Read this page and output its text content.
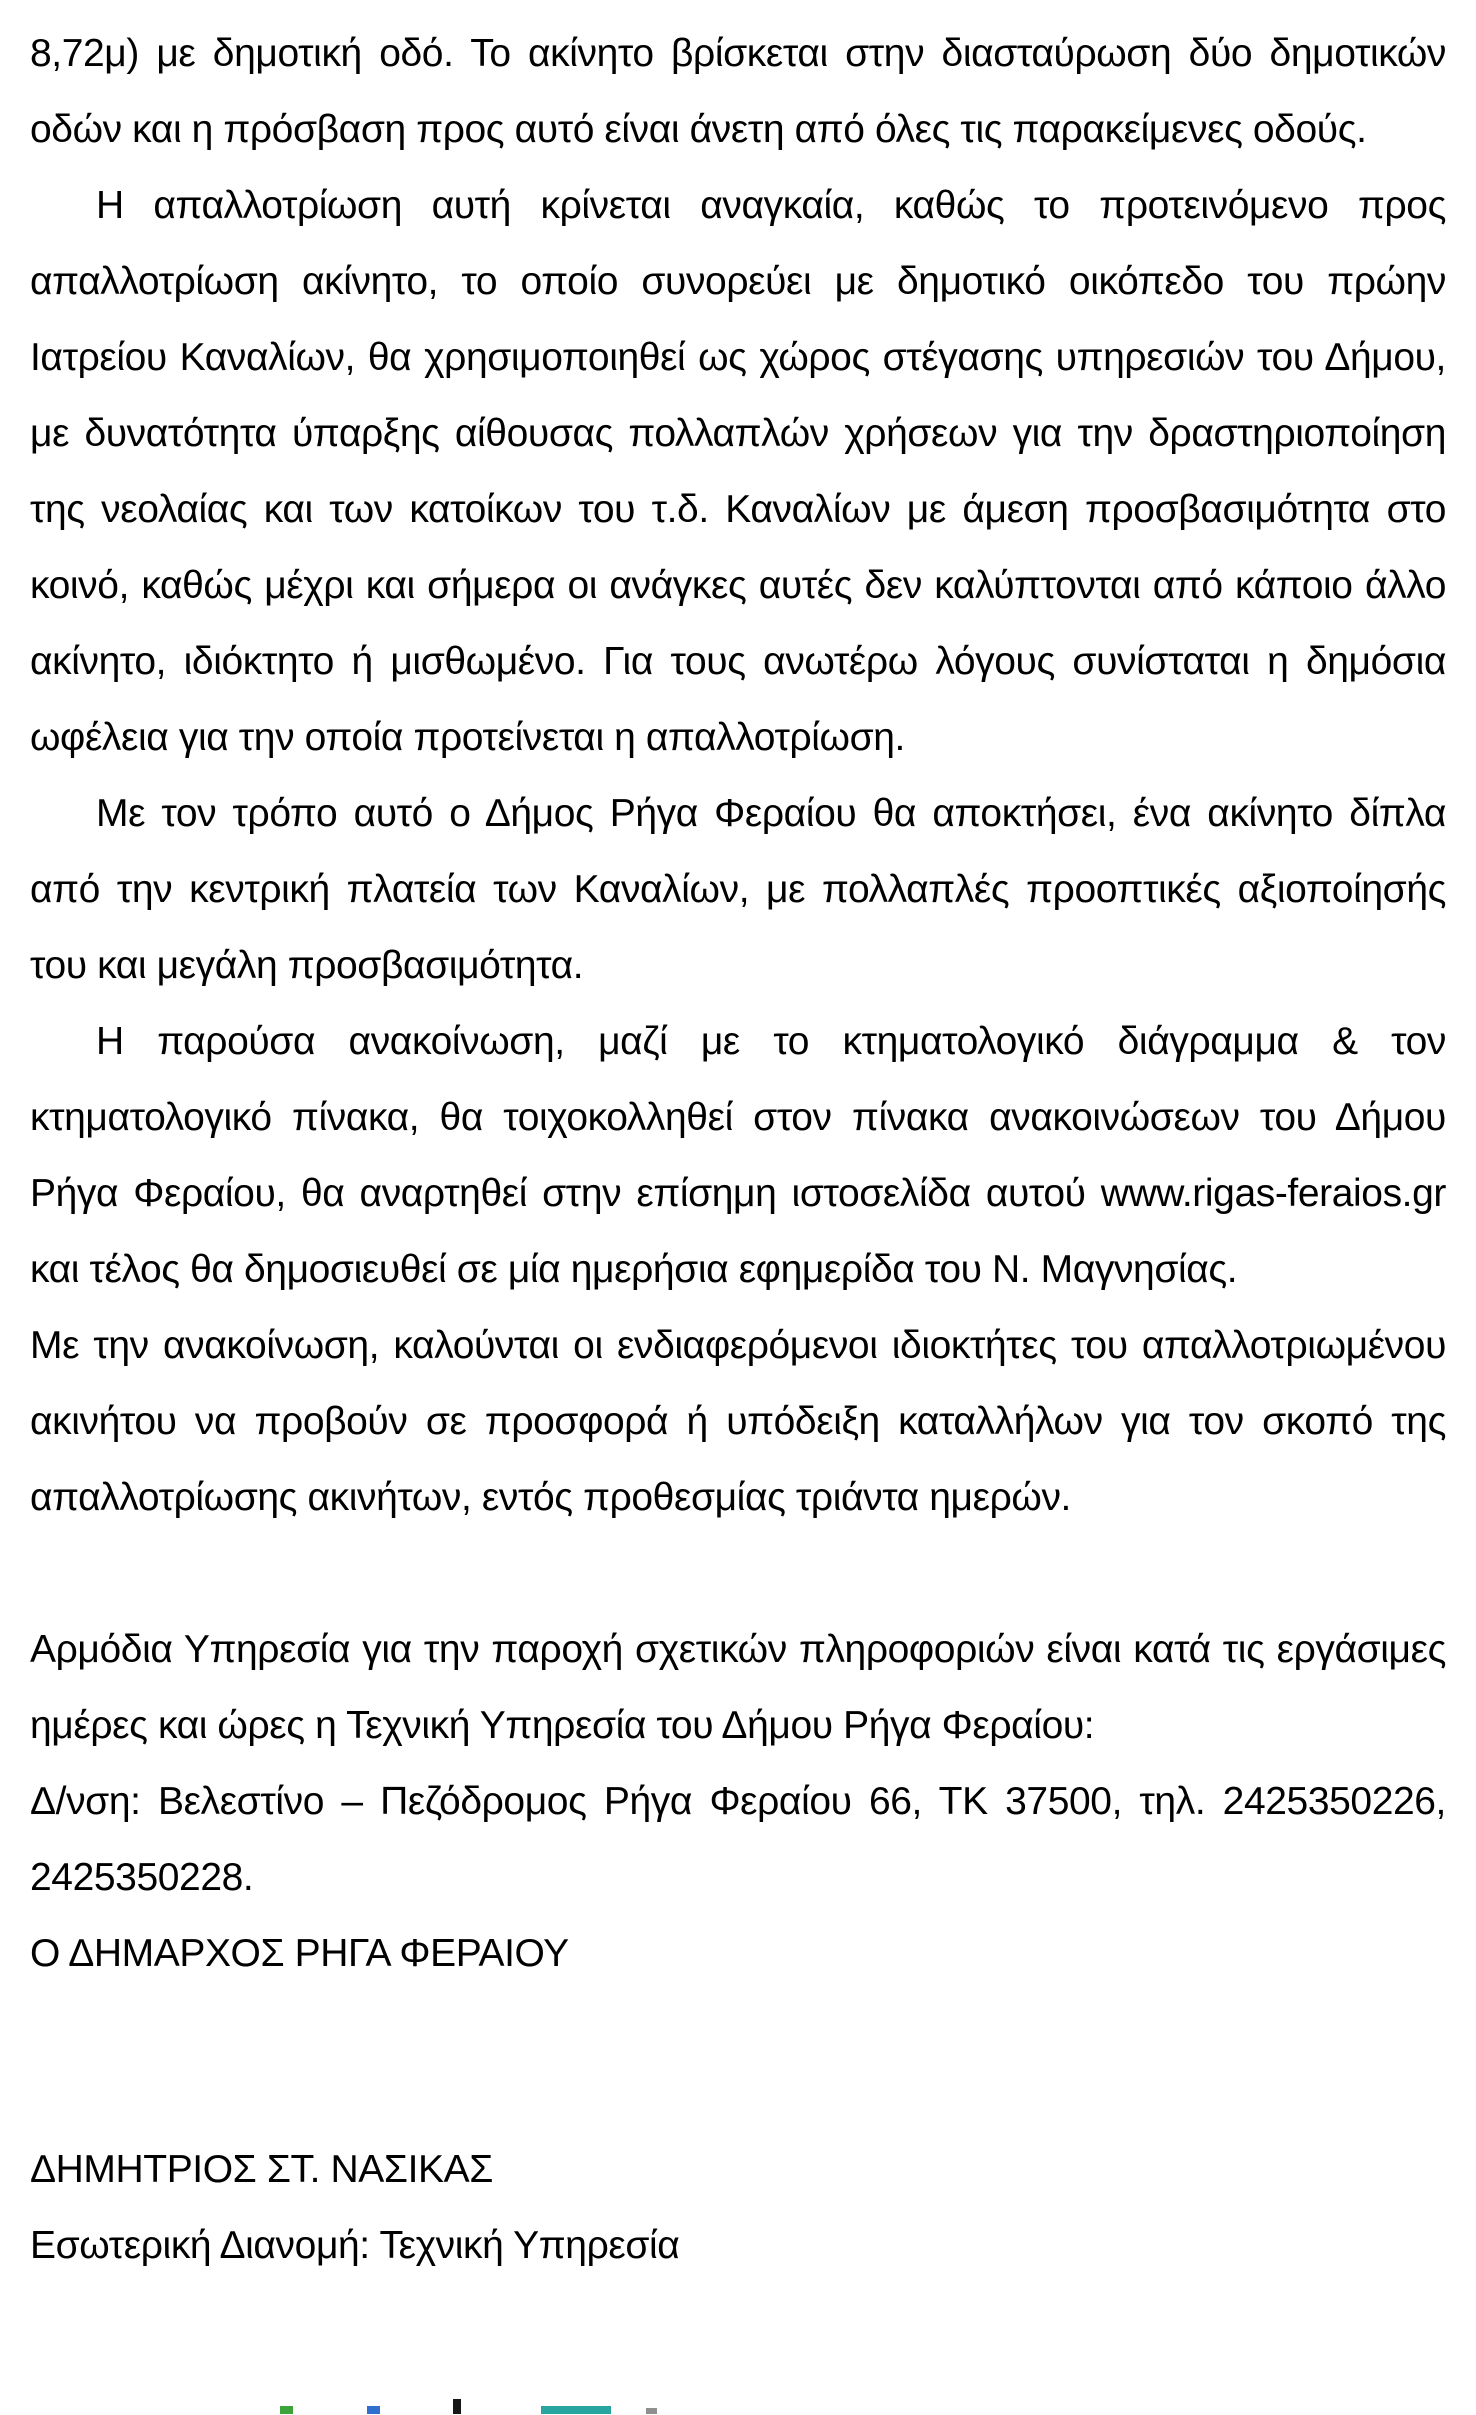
8,72μ) με δημοτική οδό. Το ακίνητο βρίσκεται στην διασταύρωση δύο δημοτικών οδών και η πρόσβαση προς αυτό είναι άνετη από όλες τις παρακείμενες οδούς.

Η απαλλοτρίωση αυτή κρίνεται αναγκαία, καθώς το προτεινόμενο προς απαλλοτρίωση ακίνητο, το οποίο συνορεύει με δημοτικό οικόπεδο του πρώην Ιατρείου Καναλίων, θα χρησιμοποιηθεί ως χώρος στέγασης υπηρεσιών του Δήμου, με δυνατότητα ύπαρξης αίθουσας πολλαπλών χρήσεων για την δραστηριοποίηση της νεολαίας και των κατοίκων του τ.δ. Καναλίων με άμεση προσβασιμότητα στο κοινό, καθώς μέχρι και σήμερα οι ανάγκες αυτές δεν καλύπτονται από κάποιο άλλο ακίνητο, ιδιόκτητο ή μισθωμένο. Για τους ανωτέρω λόγους συνίσταται η δημόσια ωφέλεια για την οποία προτείνεται η απαλλοτρίωση.

Με τον τρόπο αυτό ο Δήμος Ρήγα Φεραίου θα αποκτήσει, ένα ακίνητο δίπλα από την κεντρική πλατεία των Καναλίων, με πολλαπλές προοπτικές αξιοποίησής του και μεγάλη προσβασιμότητα.

Η παρούσα ανακοίνωση, μαζί με το κτηματολογικό διάγραμμα & τον κτηματολογικό πίνακα, θα τοιχοκολληθεί στον πίνακα ανακοινώσεων του Δήμου Ρήγα Φεραίου, θα αναρτηθεί στην επίσημη ιστοσελίδα αυτού www.rigas-feraios.gr και τέλος θα δημοσιευθεί σε μία ημερήσια εφημερίδα του Ν. Μαγνησίας.

Με την ανακοίνωση, καλούνται οι ενδιαφερόμενοι ιδιοκτήτες του απαλλοτριωμένου ακινήτου να προβούν σε προσφορά ή υπόδειξη καταλλήλων για τον σκοπό της απαλλοτρίωσης ακινήτων, εντός προθεσμίας τριάντα ημερών.

Αρμόδια Υπηρεσία για την παροχή σχετικών πληροφοριών είναι κατά τις εργάσιμες ημέρες και ώρες η Τεχνική Υπηρεσία του Δήμου Ρήγα Φεραίου:

Δ/νση: Βελεστίνο – Πεζόδρομος Ρήγα Φεραίου 66, ΤΚ 37500, τηλ. 2425350226, 2425350228.

Ο ΔΗΜΑΡΧΟΣ ΡΗΓΑ ΦΕΡΑΙΟΥ

ΔΗΜΗΤΡΙΟΣ ΣΤ. ΝΑΣΙΚΑΣ

Εσωτερική Διανομή: Τεχνική Υπηρεσία
